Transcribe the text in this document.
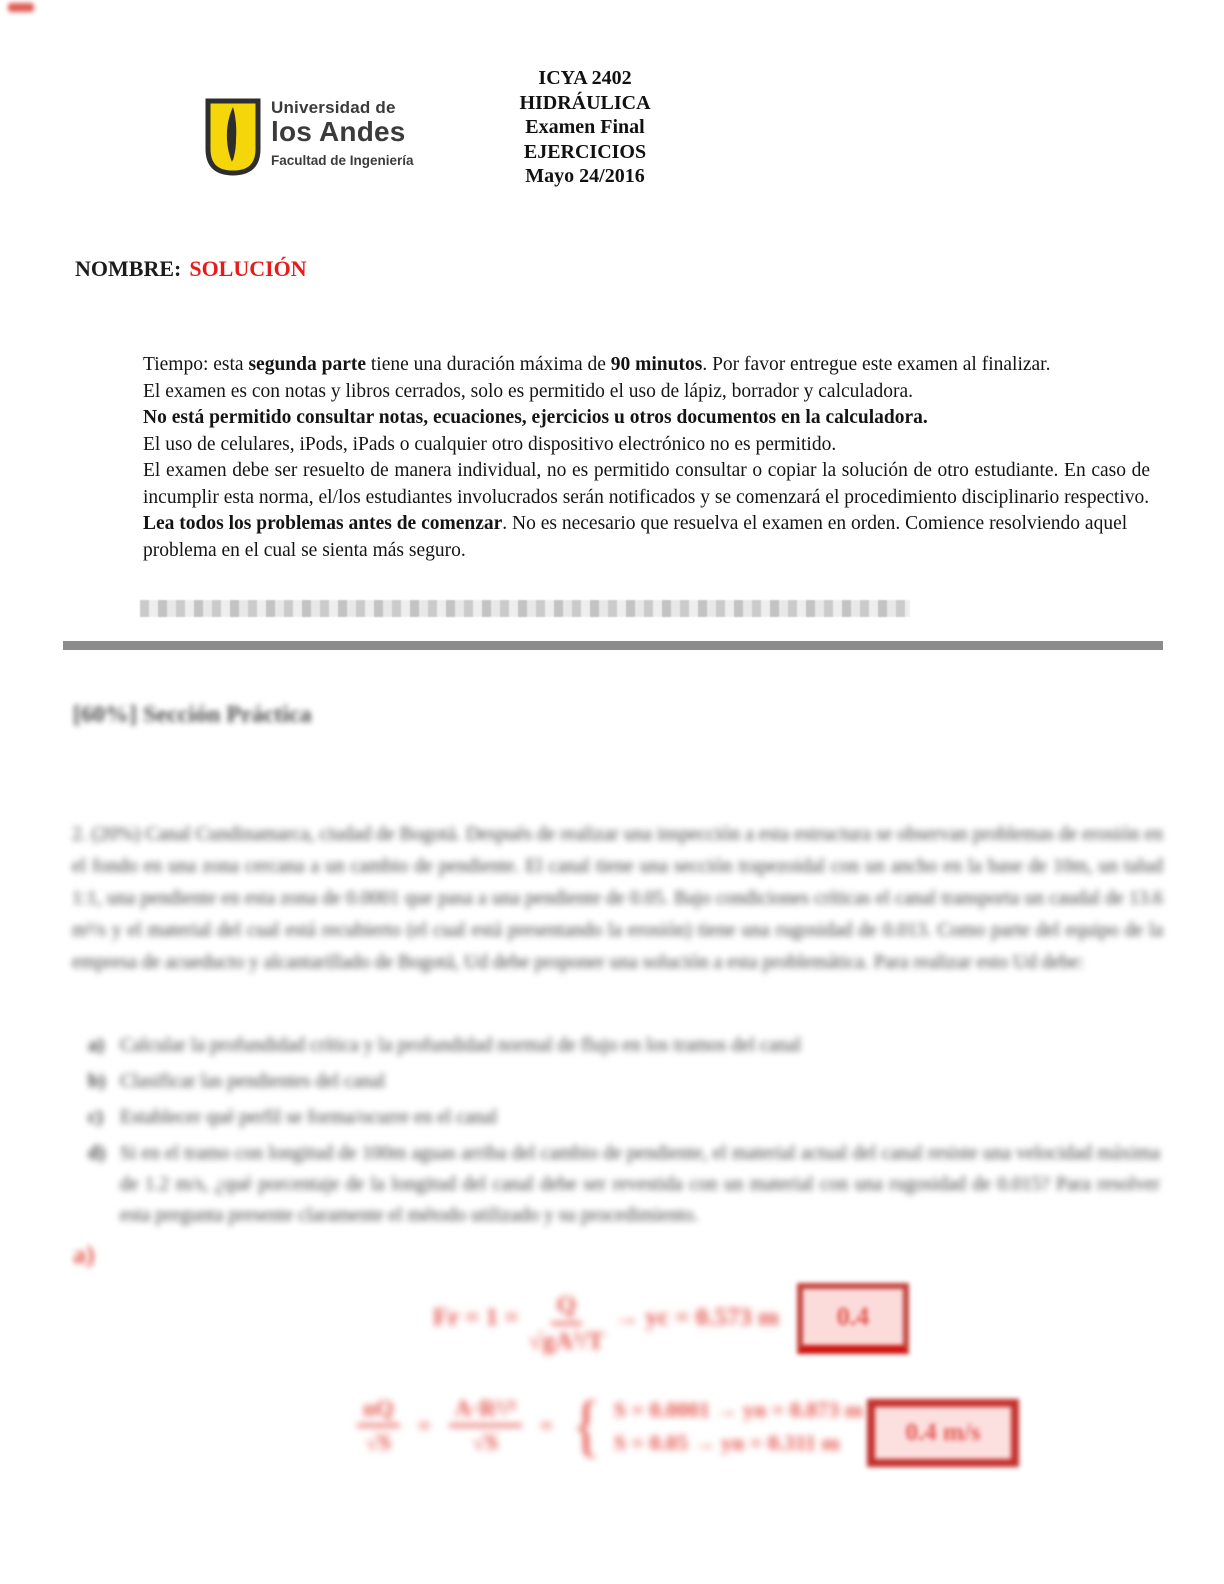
Universidad de
los Andes
Facultad de Ingeniería
ICYA 2402
HIDRÁULICA
Examen Final
EJERCICIOS
Mayo 24/2016
NOMBRE: SOLUCIÓN

Tiempo: esta segunda parte tiene una duración máxima de 90 minutos. Por favor entregue este examen al finalizar.

El examen es con notas y libros cerrados, solo es permitido el uso de lápiz, borrador y calculadora.

No está permitido consultar notas, ecuaciones, ejercicios u otros documentos en la calculadora.

El uso de celulares, iPods, iPads o cualquier otro dispositivo electrónico no es permitido.

El examen debe ser resuelto de manera individual, no es permitido consultar o copiar la solución de otro estudiante. En caso de incumplir esta norma, el/los estudiantes involucrados serán notificados y se comenzará el procedimiento disciplinario respectivo.

Lea todos los problemas antes de comenzar. No es necesario que resuelva el examen en orden. Comience resolviendo aquel problema en el cual se sienta más seguro.

[60%] Sección Práctica

2. (20%) Canal Cundinamarca, ciudad de Bogotá. Después de realizar una inspección a esta estructura se observan problemas de erosión en el fondo en una zona cercana a un cambio de pendiente. El canal tiene una sección trapezoidal con un ancho en la base de 10m, un talud 1:1, una pendiente en esta zona de 0.0001 que pasa a una pendiente de 0.05. Bajo condiciones críticas el canal transporta un caudal de 13.6 m³/s y el material del cual está recubierto (el cual está presentando la erosión) tiene una rugosidad de 0.013. Como parte del equipo de la empresa de acueducto y alcantarillado de Bogotá, Ud debe proponer una solución a esta problemática. Para realizar esto Ud debe:

a) Calcular la profundidad crítica y la profundidad normal de flujo en los tramos del canal
b) Clasificar las pendientes del canal
c) Establecer qué perfil se forma/ocurre en el canal
d) Si en el tramo con longitud de 100m aguas arriba del cambio de pendiente, el material actual del canal resiste una velocidad máxima de 1.2 m/s, ¿qué porcentaje de la longitud del canal debe ser revestida con un material con una rugosidad de 0.015? Para resolver esta pregunta presente claramente el método utilizado y su procedimiento.
a)
$Fr = 1 = \frac{Q}{\text{√gA³/T}}$ → yc = 0.573 m 0.4
$\frac{nQ}{√S} = \frac{\text{A·R²/³}}{√S}$ = { S = 0.0001 → yn = 0.873 m
S = 0.05 → yn = 0.311 m	0.4 m/s
